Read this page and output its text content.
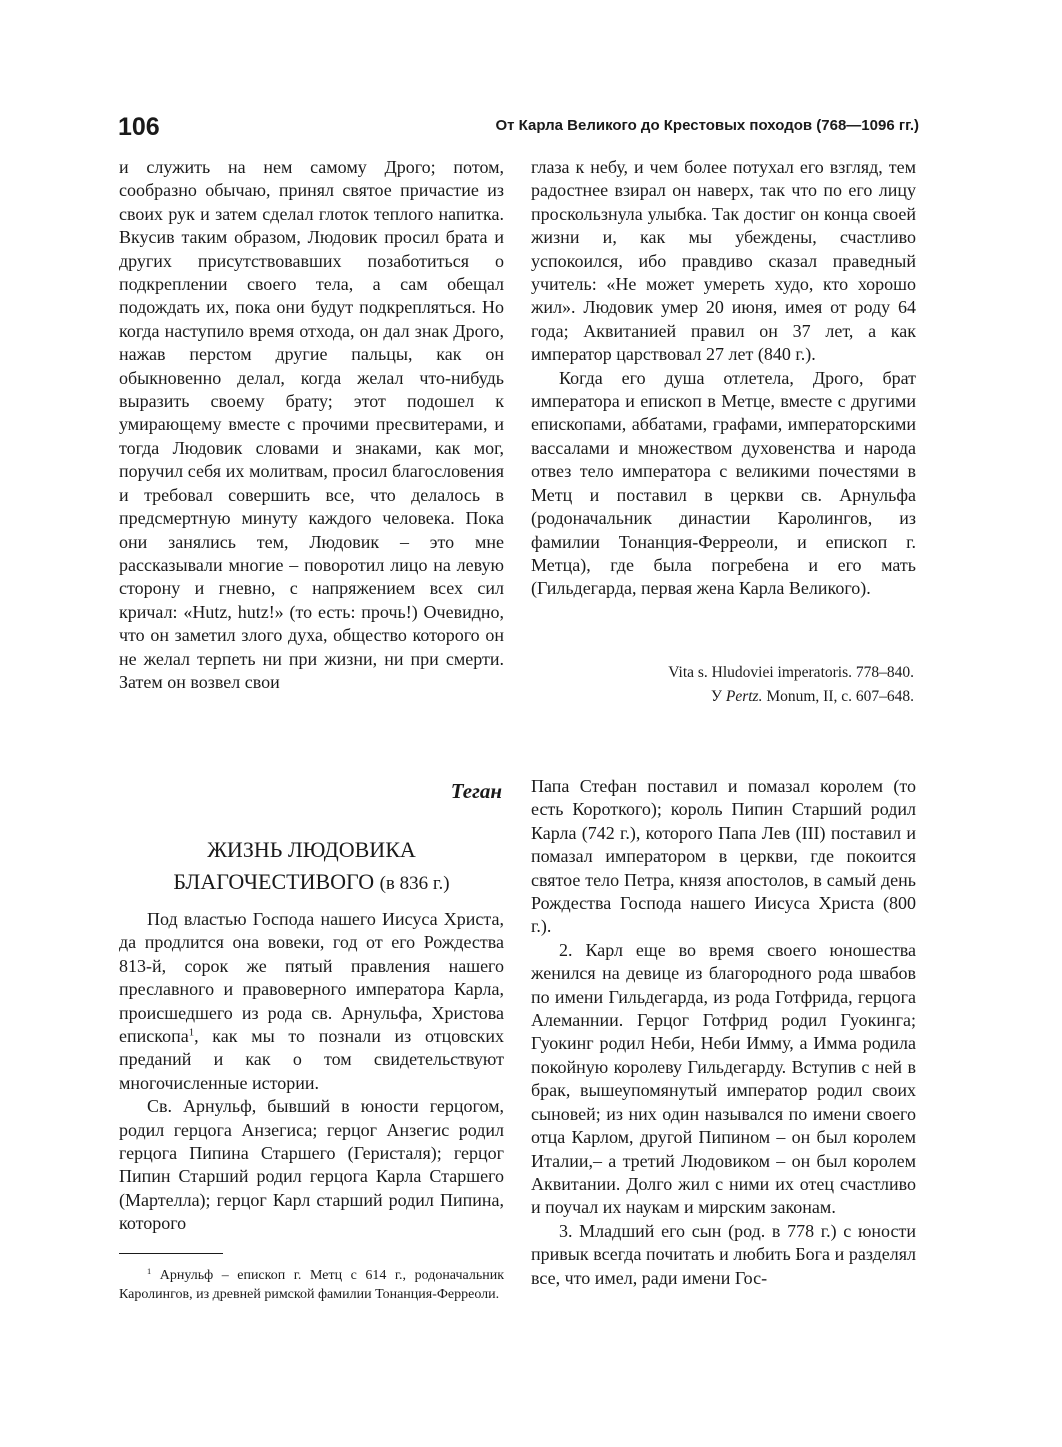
106	От Карла Великого до Крестовых походов (768—1096 гг.)

и служить на нем самому Дрого; потом, сообразно обычаю, принял святое причастие из своих рук и затем сделал глоток теплого напитка. Вкусив таким образом, Людовик просил брата и других присутствовавших позаботиться о подкреплении своего тела, а сам обещал подождать их, пока они будут подкрепляться. Но когда наступило время отхода, он дал знак Дрого, нажав перстом другие пальцы, как он обыкновенно делал, когда желал что-нибудь выразить своему брату; этот подошел к умирающему вместе с прочими пресвитерами, и тогда Людовик словами и знаками, как мог, поручил себя их молитвам, просил благословения и требовал совершить все, что делалось в предсмертную минуту каждого человека. Пока они занялись тем, Людовик – это мне рассказывали многие – поворотил лицо на левую сторону и гневно, с напряжением всех сил кричал: «Hutz, hutz!» (то есть: прочь!) Очевидно, что он заметил злого духа, общество которого он не желал терпеть ни при жизни, ни при смерти. Затем он возвел свои

глаза к небу, и чем более потухал его взгляд, тем радостнее взирал он наверх, так что по его лицу проскользнула улыбка. Так достиг он конца своей жизни и, как мы убеждены, счастливо успокоился, ибо правдиво сказал праведный учитель: «Не может умереть худо, кто хорошо жил». Людовик умер 20 июня, имея от роду 64 года; Аквитанией правил он 37 лет, а как император царствовал 27 лет (840 г.).

Когда его душа отлетела, Дрого, брат императора и епископ в Метце, вместе с другими епископами, аббатами, графами, императорскими вассалами и множеством духовенства и народа отвез тело императора с великими почестями в Метц и поставил в церкви св. Арнульфа (родоначальник династии Каролингов, из фамилии Тонанция-Ферреоли, и епископ г. Метца), где была погребена и его мать (Гильдегарда, первая жена Карла Великого).

Vita s. Hludoviei imperatoris. 778–840.
У Pertz. Monum, II, с. 607–648.
Теган
ЖИЗНЬ ЛЮДОВИКА
БЛАГОЧЕСТИВОГО (в 836 г.)

Под властью Господа нашего Иисуса Христа, да продлится она вовеки, год от его Рождества 813-й, сорок же пятый правления нашего преславного и правоверного императора Карла, происшедшего из рода св. Арнульфа, Христова епископа$^1$, как мы то познали из отцовских преданий и как о том свидетельствуют многочисленные истории.

Св. Арнульф, бывший в юности герцогом, родил герцога Анзегиса; герцог Анзегис родил герцога Пипина Старшего (Геристаля); герцог Пипин Старший родил герцога Карла Старшего (Мартелла); герцог Карл старший родил Пипина, которого

$^1$ Арнульф – епископ г. Метц с 614 г., родоначальник Каролингов, из древней римской фамилии Тонанция-Ферреоли.

Папа Стефан поставил и помазал королем (то есть Короткого); король Пипин Старший родил Карла (742 г.), которого Папа Лев (III) поставил и помазал императором в церкви, где покоится святое тело Петра, князя апостолов, в самый день Рождества Господа нашего Иисуса Христа (800 г.).

2. Карл еще во время своего юношества женился на девице из благородного рода швабов по имени Гильдегарда, из рода Готфрида, герцога Алеманнии. Герцог Готфрид родил Гуокинга; Гуокинг родил Неби, Неби Имму, а Имма родила покойную королеву Гильдегарду. Вступив с ней в брак, вышеупомянутый император родил своих сыновей; из них один назывался по имени своего отца Карлом, другой Пипином – он был королем Италии,– а третий Людовиком – он был королем Аквитании. Долго жил с ними их отец счастливо и поучал их наукам и мирским законам.

3. Младший его сын (род. в 778 г.) с юности привык всегда почитать и любить Бога и разделял все, что имел, ради имени Гос-
